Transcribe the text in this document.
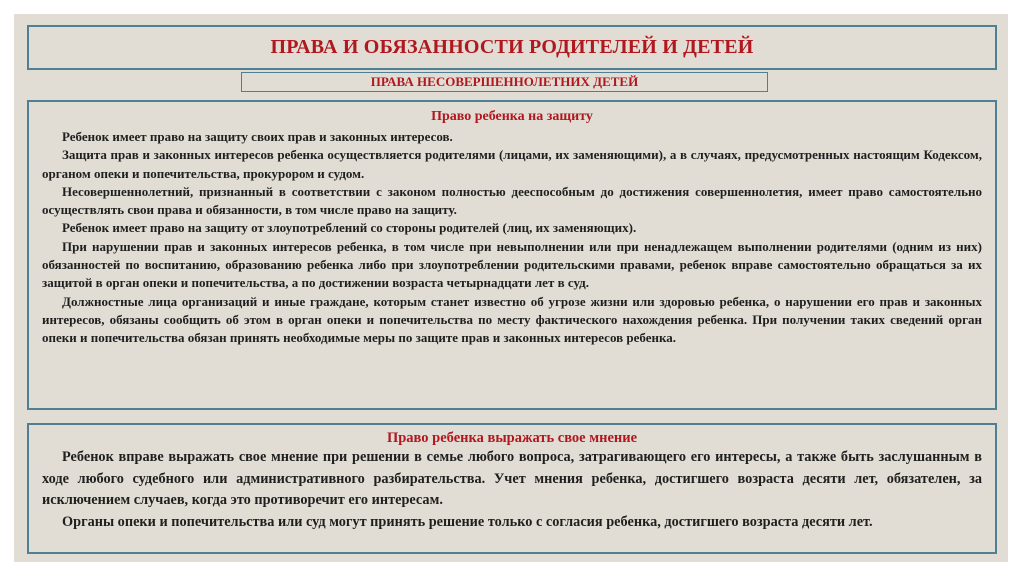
ПРАВА И ОБЯЗАННОСТИ РОДИТЕЛЕЙ И ДЕТЕЙ
ПРАВА НЕСОВЕРШЕННОЛЕТНИХ ДЕТЕЙ
Право ребенка на защиту

Ребенок имеет право на защиту своих прав и законных интересов.

Защита прав и законных интересов ребенка осуществляется родителями (лицами, их заменяющими), а в случаях, предусмотренных настоящим Кодексом, органом опеки и попечительства, прокурором и судом.

Несовершеннолетний, признанный в соответствии с законом полностью дееспособным до достижения совершеннолетия, имеет право самостоятельно осуществлять свои права и обязанности, в том числе право на защиту.

Ребенок имеет право на защиту от злоупотреблений со стороны родителей (лиц, их заменяющих).

При нарушении прав и законных интересов ребенка, в том числе при невыполнении или при ненадлежащем выполнении родителями (одним из них) обязанностей по воспитанию, образованию ребенка либо при злоупотреблении родительскими правами, ребенок вправе самостоятельно обращаться за их защитой в орган опеки и попечительства, а по достижении возраста четырнадцати лет в суд.

Должностные лица организаций и иные граждане, которым станет известно об угрозе жизни или здоровью ребенка, о нарушении его прав и законных интересов, обязаны сообщить об этом в орган опеки и попечительства по месту фактического нахождения ребенка. При получении таких сведений орган опеки и попечительства обязан принять необходимые меры по защите прав и законных интересов ребенка.

Право ребенка выражать свое мнение

Ребенок вправе выражать свое мнение при решении в семье любого вопроса, затрагивающего его интересы, а также быть заслушанным в ходе любого судебного или административного разбирательства. Учет мнения ребенка, достигшего возраста десяти лет, обязателен, за исключением случаев, когда это противоречит его интересам.

Органы опеки и попечительства или суд могут принять решение только с согласия ребенка, достигшего возраста десяти лет.
